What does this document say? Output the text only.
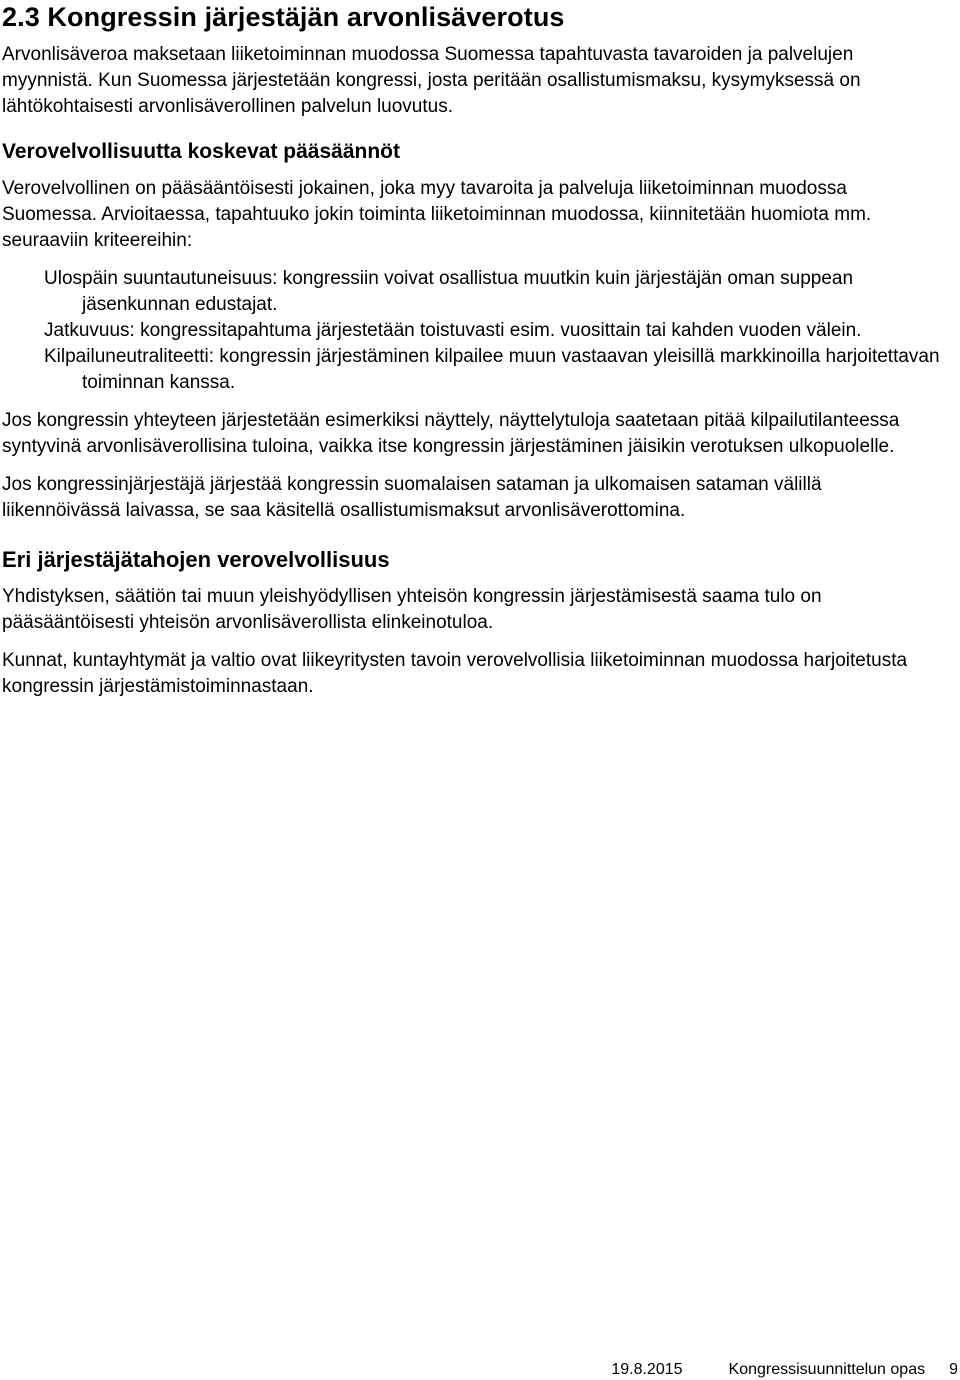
2.3 Kongressin järjestäjän arvonlisäverotus

Arvonlisäveroa maksetaan liiketoiminnan muodossa Suomessa tapahtuvasta tavaroiden ja palvelujen myynnistä. Kun Suomessa järjestetään kongressi, josta peritään osallistumismaksu, kysymyksessä on lähtökohtaisesti arvonlisäverollinen palvelun luovutus.

Verovelvollisuutta koskevat pääsäännöt

Verovelvollinen on pääsääntöisesti jokainen, joka myy tavaroita ja palveluja liiketoiminnan muodossa Suomessa. Arvioitaessa, tapahtuuko jokin toiminta liiketoiminnan muodossa, kiinnitetään huomiota mm. seuraaviin kriteereihin:

Ulospäin suuntautuneisuus: kongressiin voivat osallistua muutkin kuin järjestäjän oman suppean jäsenkunnan edustajat.
Jatkuvuus: kongressitapahtuma järjestetään toistuvasti esim. vuosittain tai kahden vuoden välein.
Kilpailuneutraliteetti: kongressin järjestäminen kilpailee muun vastaavan yleisillä markkinoilla harjoitettavan toiminnan kanssa.

Jos kongressin yhteyteen järjestetään esimerkiksi näyttely, näyttelytuloja saatetaan pitää kilpailutilanteessa syntyvinä arvonlisäverollisina tuloina, vaikka itse kongressin järjestäminen jäisikin verotuksen ulkopuolelle.

Jos kongressinjärjestäjä järjestää kongressin suomalaisen sataman ja ulkomaisen sataman välillä liikennöivässä laivassa, se saa käsitellä osallistumismaksut arvonlisäverottomina.

Eri järjestäjätahojen verovelvollisuus

Yhdistyksen, säätiön tai muun yleishyödyllisen yhteisön kongressin järjestämisestä saama tulo on pääsääntöisesti yhteisön arvonlisäverollista elinkeinotuloa.

Kunnat, kuntayhtymät ja valtio ovat liikeyritysten tavoin verovelvollisia liiketoiminnan muodossa harjoitetusta kongressin järjestämistoiminnastaan.

19.8.2015	Kongressisuunnittelun opas 9
